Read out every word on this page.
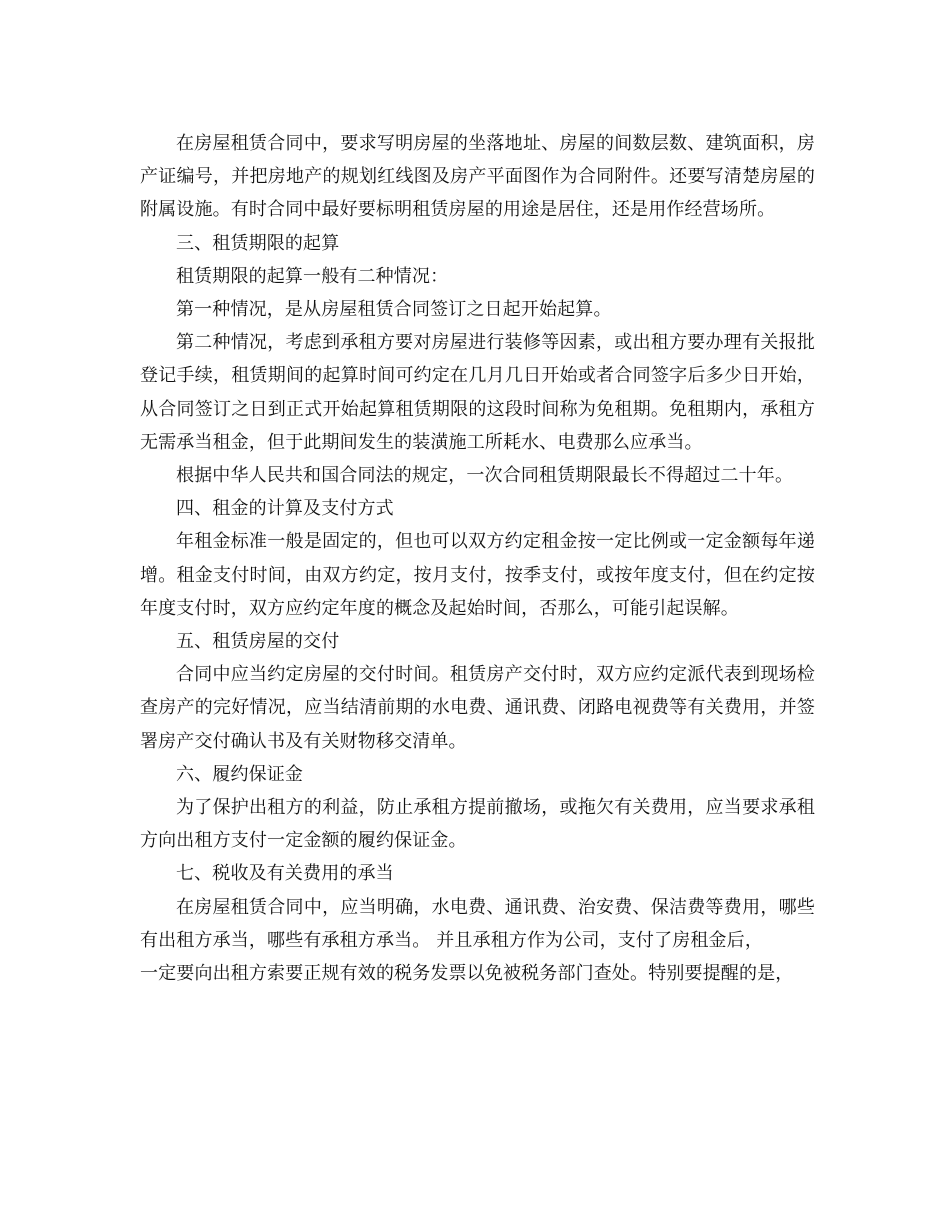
在房屋租赁合同中，要求写明房屋的坐落地址、房屋的间数层数、建筑面积，房产证编号，并把房地产的规划红线图及房产平面图作为合同附件。还要写清楚房屋的附属设施。有时合同中最好要标明租赁房屋的用途是居住，还是用作经营场所。

三、租赁期限的起算

租赁期限的起算一般有二种情况：

第一种情况，是从房屋租赁合同签订之日起开始起算。

第二种情况，考虑到承租方要对房屋进行装修等因素，或出租方要办理有关报批登记手续，租赁期间的起算时间可约定在几月几日开始或者合同签字后多少日开始，从合同签订之日到正式开始起算租赁期限的这段时间称为免租期。免租期内，承租方无需承当租金，但于此期间发生的装潢施工所耗水、电费那么应承当。

根据中华人民共和国合同法的规定，一次合同租赁期限最长不得超过二十年。

四、租金的计算及支付方式

年租金标准一般是固定的，但也可以双方约定租金按一定比例或一定金额每年递增。租金支付时间，由双方约定，按月支付，按季支付，或按年度支付，但在约定按年度支付时，双方应约定年度的概念及起始时间，否那么，可能引起误解。

五、租赁房屋的交付

合同中应当约定房屋的交付时间。租赁房产交付时，双方应约定派代表到现场检查房产的完好情况，应当结清前期的水电费、通讯费、闭路电视费等有关费用，并签署房产交付确认书及有关财物移交清单。

六、履约保证金

为了保护出租方的利益，防止承租方提前撤场，或拖欠有关费用，应当要求承租方向出租方支付一定金额的履约保证金。

七、税收及有关费用的承当

在房屋租赁合同中，应当明确，水电费、通讯费、治安费、保洁费等费用，哪些有出租方承当，哪些有承租方承当。 并且承租方作为公司，支付了房租金后，

一定要向出租方索要正规有效的税务发票以免被税务部门查处。特别要提醒的是，
